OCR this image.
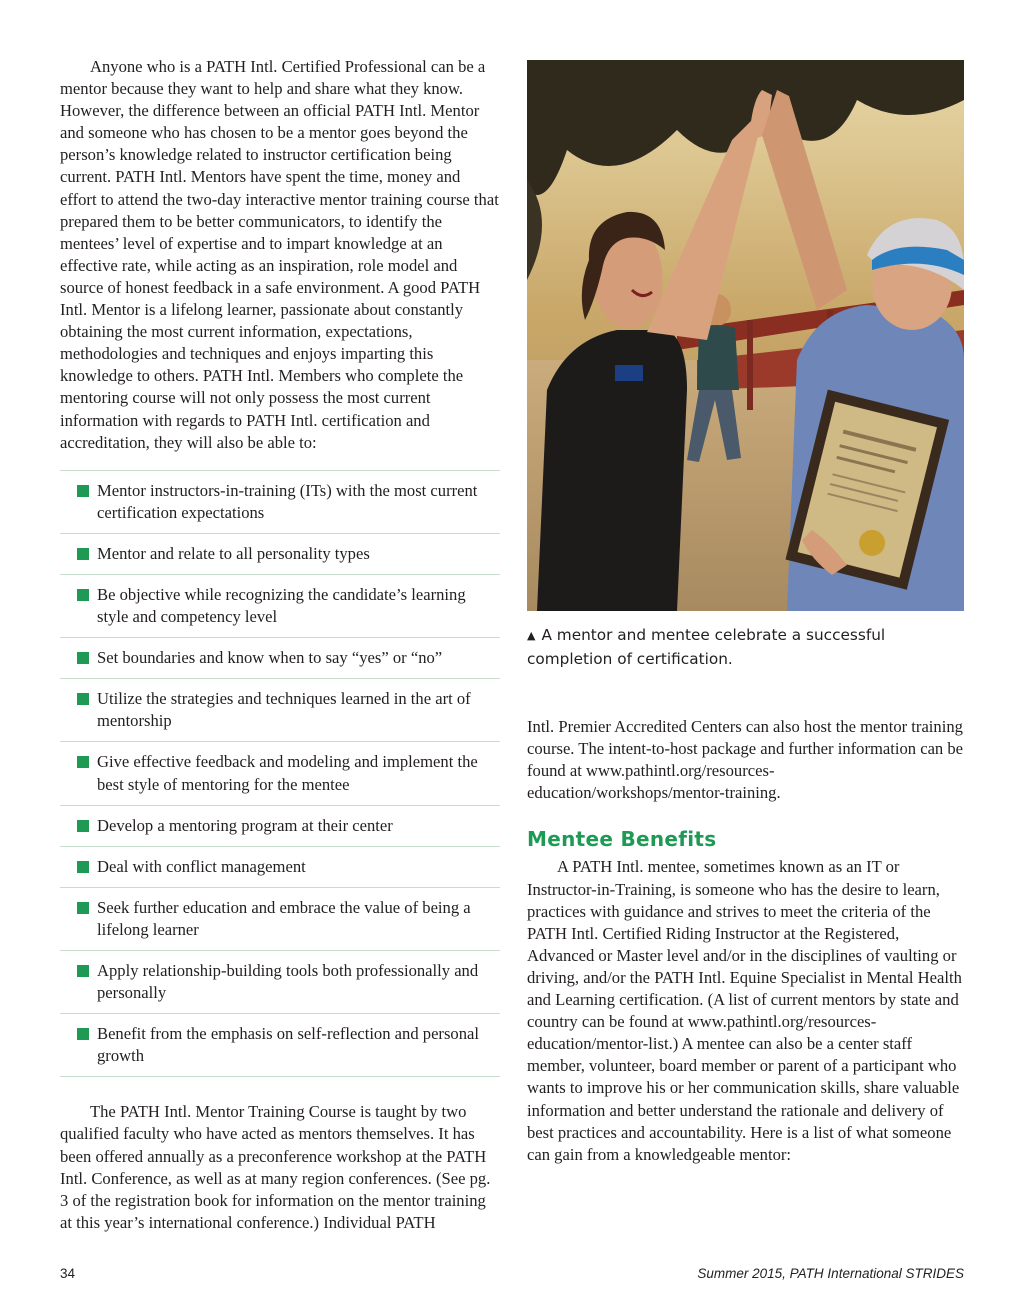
Anyone who is a PATH Intl. Certified Professional can be a mentor because they want to help and share what they know. However, the difference between an official PATH Intl. Mentor and someone who has chosen to be a mentor goes beyond the person’s knowledge related to instructor certification being current. PATH Intl. Mentors have spent the time, money and effort to attend the two-day interactive mentor training course that prepared them to be better communicators, to identify the mentees’ level of expertise and to impart knowledge at an effective rate, while acting as an inspiration, role model and source of honest feedback in a safe environment. A good PATH Intl. Mentor is a lifelong learner, passionate about constantly obtaining the most current information, expectations, methodologies and techniques and enjoys imparting this knowledge to others. PATH Intl. Members who complete the mentoring course will not only possess the most current information with regards to PATH Intl. certification and accreditation, they will also be able to:

Mentor instructors-in-training (ITs) with the most current certification expectations
Mentor and relate to all personality types
Be objective while recognizing the candidate’s learning style and competency level
Set boundaries and know when to say “yes” or “no”
Utilize the strategies and techniques learned in the art of mentorship
Give effective feedback and modeling and implement the best style of mentoring for the mentee
Develop a mentoring program at their center
Deal with conflict management
Seek further education and embrace the value of being a lifelong learner
Apply relationship-building tools both professionally and personally
Benefit from the emphasis on self-reflection and personal growth

The PATH Intl. Mentor Training Course is taught by two qualified faculty who have acted as mentors themselves. It has been offered annually as a preconference workshop at the PATH Intl. Conference, as well as at many region conferences. (See pg. 3 of the registration book for information on the mentor training at this year’s international conference.) Individual PATH

▲ A mentor and mentee celebrate a successful completion of certification.

Intl. Premier Accredited Centers can also host the mentor training course. The intent-to-host package and further information can be found at www.pathintl.org/resources-education/workshops/mentor-training.

Mentee Benefits

A PATH Intl. mentee, sometimes known as an IT or Instructor-in-Training, is someone who has the desire to learn, practices with guidance and strives to meet the criteria of the PATH Intl. Certified Riding Instructor at the Registered, Advanced or Master level and/or in the disciplines of vaulting or driving, and/or the PATH Intl. Equine Specialist in Mental Health and Learning certification. (A list of current mentors by state and country can be found at www.pathintl.org/resources-education/mentor-list.) A mentee can also be a center staff member, volunteer, board member or parent of a participant who wants to improve his or her communication skills, share valuable information and better understand the rationale and delivery of best practices and accountability. Here is a list of what someone can gain from a knowledgeable mentor:

34	Summer 2015, PATH International STRIDES
